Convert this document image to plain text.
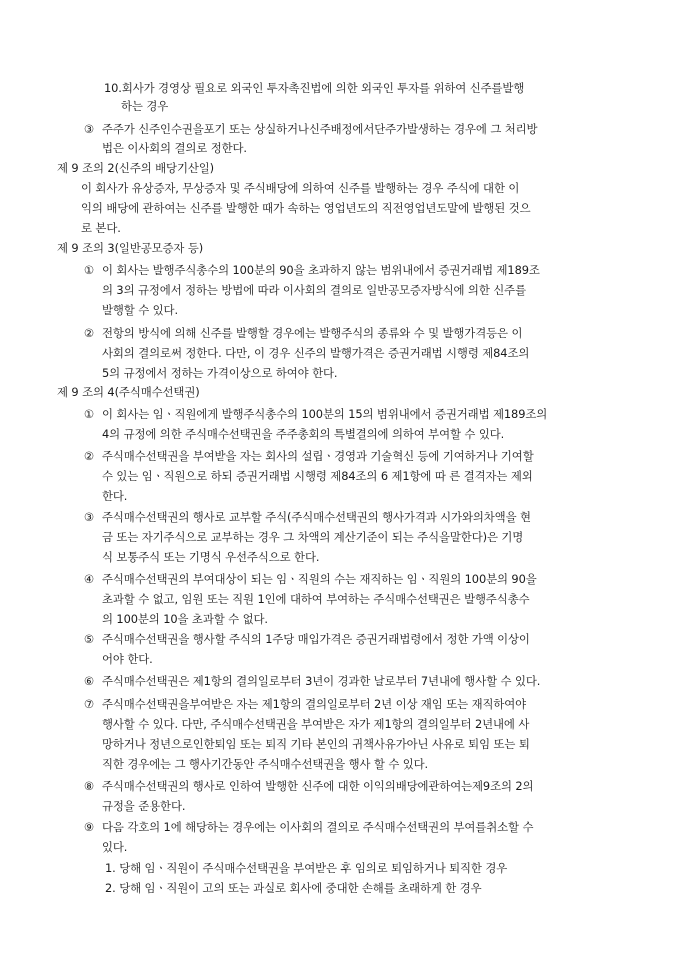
10.회사가 경영상 필요로 외국인 투자촉진법에 의한 외국인 투자를 위하여 신주를발행
하는 경우
③ 주주가 신주인수권을포기 또는 상실하거나신주배정에서단주가발생하는 경우에 그 처리방
법은 이사회의 결의로 정한다.
제 9 조의 2(신주의 배당기산일)
이 회사가 유상증자, 무상증자 및 주식배당에 의하여 신주를 발행하는 경우 주식에 대한 이
익의 배당에 관하여는 신주를 발행한 때가 속하는 영업년도의 직전영업년도말에 발행된 것으
로 본다.
제 9 조의 3(일반공모증자 등)
① 이 회사는 발행주식총수의 100분의 90을 초과하지 않는 범위내에서 증권거래법 제189조
의 3의 규정에서 정하는 방법에 따라 이사회의 결의로 일반공모증자방식에 의한 신주를
발행할 수 있다.
② 전항의 방식에 의해 신주를 발행할 경우에는 발행주식의 종류와 수 및 발행가격등은 이
사회의 결의로써 정한다. 다만, 이 경우 신주의 발행가격은 증권거래법 시행령 제84조의
5의 규정에서 정하는 가격이상으로 하여야 한다.
제 9 조의 4(주식매수선택권)
① 이 회사는 임ㆍ직원에게 발행주식총수의 100분의 15의 범위내에서 증권거래법 제189조의
4의 규정에 의한 주식매수선택권을 주주총회의 특별결의에 의하여 부여할 수 있다.
② 주식매수선택권을 부여받을 자는 회사의 설립ㆍ경영과 기술혁신 등에 기여하거나 기여할
수 있는 임ㆍ직원으로 하되 증권거래법 시행령 제84조의 6 제1항에 따 른 결격자는 제외
한다.
③ 주식매수선택권의 행사로 교부할 주식(주식매수선택권의 행사가격과 시가와의차액을 현
금 또는 자기주식으로 교부하는 경우 그 차액의 계산기준이 되는 주식을말한다)은 기명
식 보통주식 또는 기명식 우선주식으로 한다.
④ 주식매수선택권의 부여대상이 되는 임ㆍ직원의 수는 재직하는 임ㆍ직원의 100분의 90을
초과할 수 없고, 임원 또는 직원 1인에 대하여 부여하는 주식매수선택권은 발행주식총수
의 100분의 10을 초과할 수 없다.
⑤ 주식매수선택권을 행사할 주식의 1주당 매입가격은 증권거래법령에서 정한 가액 이상이
어야 한다.
⑥ 주식매수선택권은 제1항의 결의일로부터 3년이 경과한 날로부터 7년내에 행사할 수 있다.
⑦ 주식매수선택권을부여받은 자는 제1항의 결의일로부터 2년 이상 재임 또는 재직하여야
행사할 수 있다. 다만, 주식매수선택권을 부여받은 자가 제1항의 결의일부터 2년내에 사
망하거나 정년으로인한퇴임 또는 퇴직 기타 본인의 귀책사유가아닌 사유로 퇴임 또는 퇴
직한 경우에는 그 행사기간동안 주식매수선택권을 행사 할 수 있다.
⑧ 주식매수선택권의 행사로 인하여 발행한 신주에 대한 이익의배당에관하여는제9조의 2의
규정을 준용한다.
⑨ 다음 각호의 1에 해당하는 경우에는 이사회의 결의로 주식매수선택권의 부여를취소할 수
있다.
1. 당해 임ㆍ직원이 주식매수선택권을 부여받은 후 임의로 퇴임하거나 퇴직한 경우
2. 당해 임ㆍ직원이 고의 또는 과실로 회사에 중대한 손해를 초래하게 한 경우
